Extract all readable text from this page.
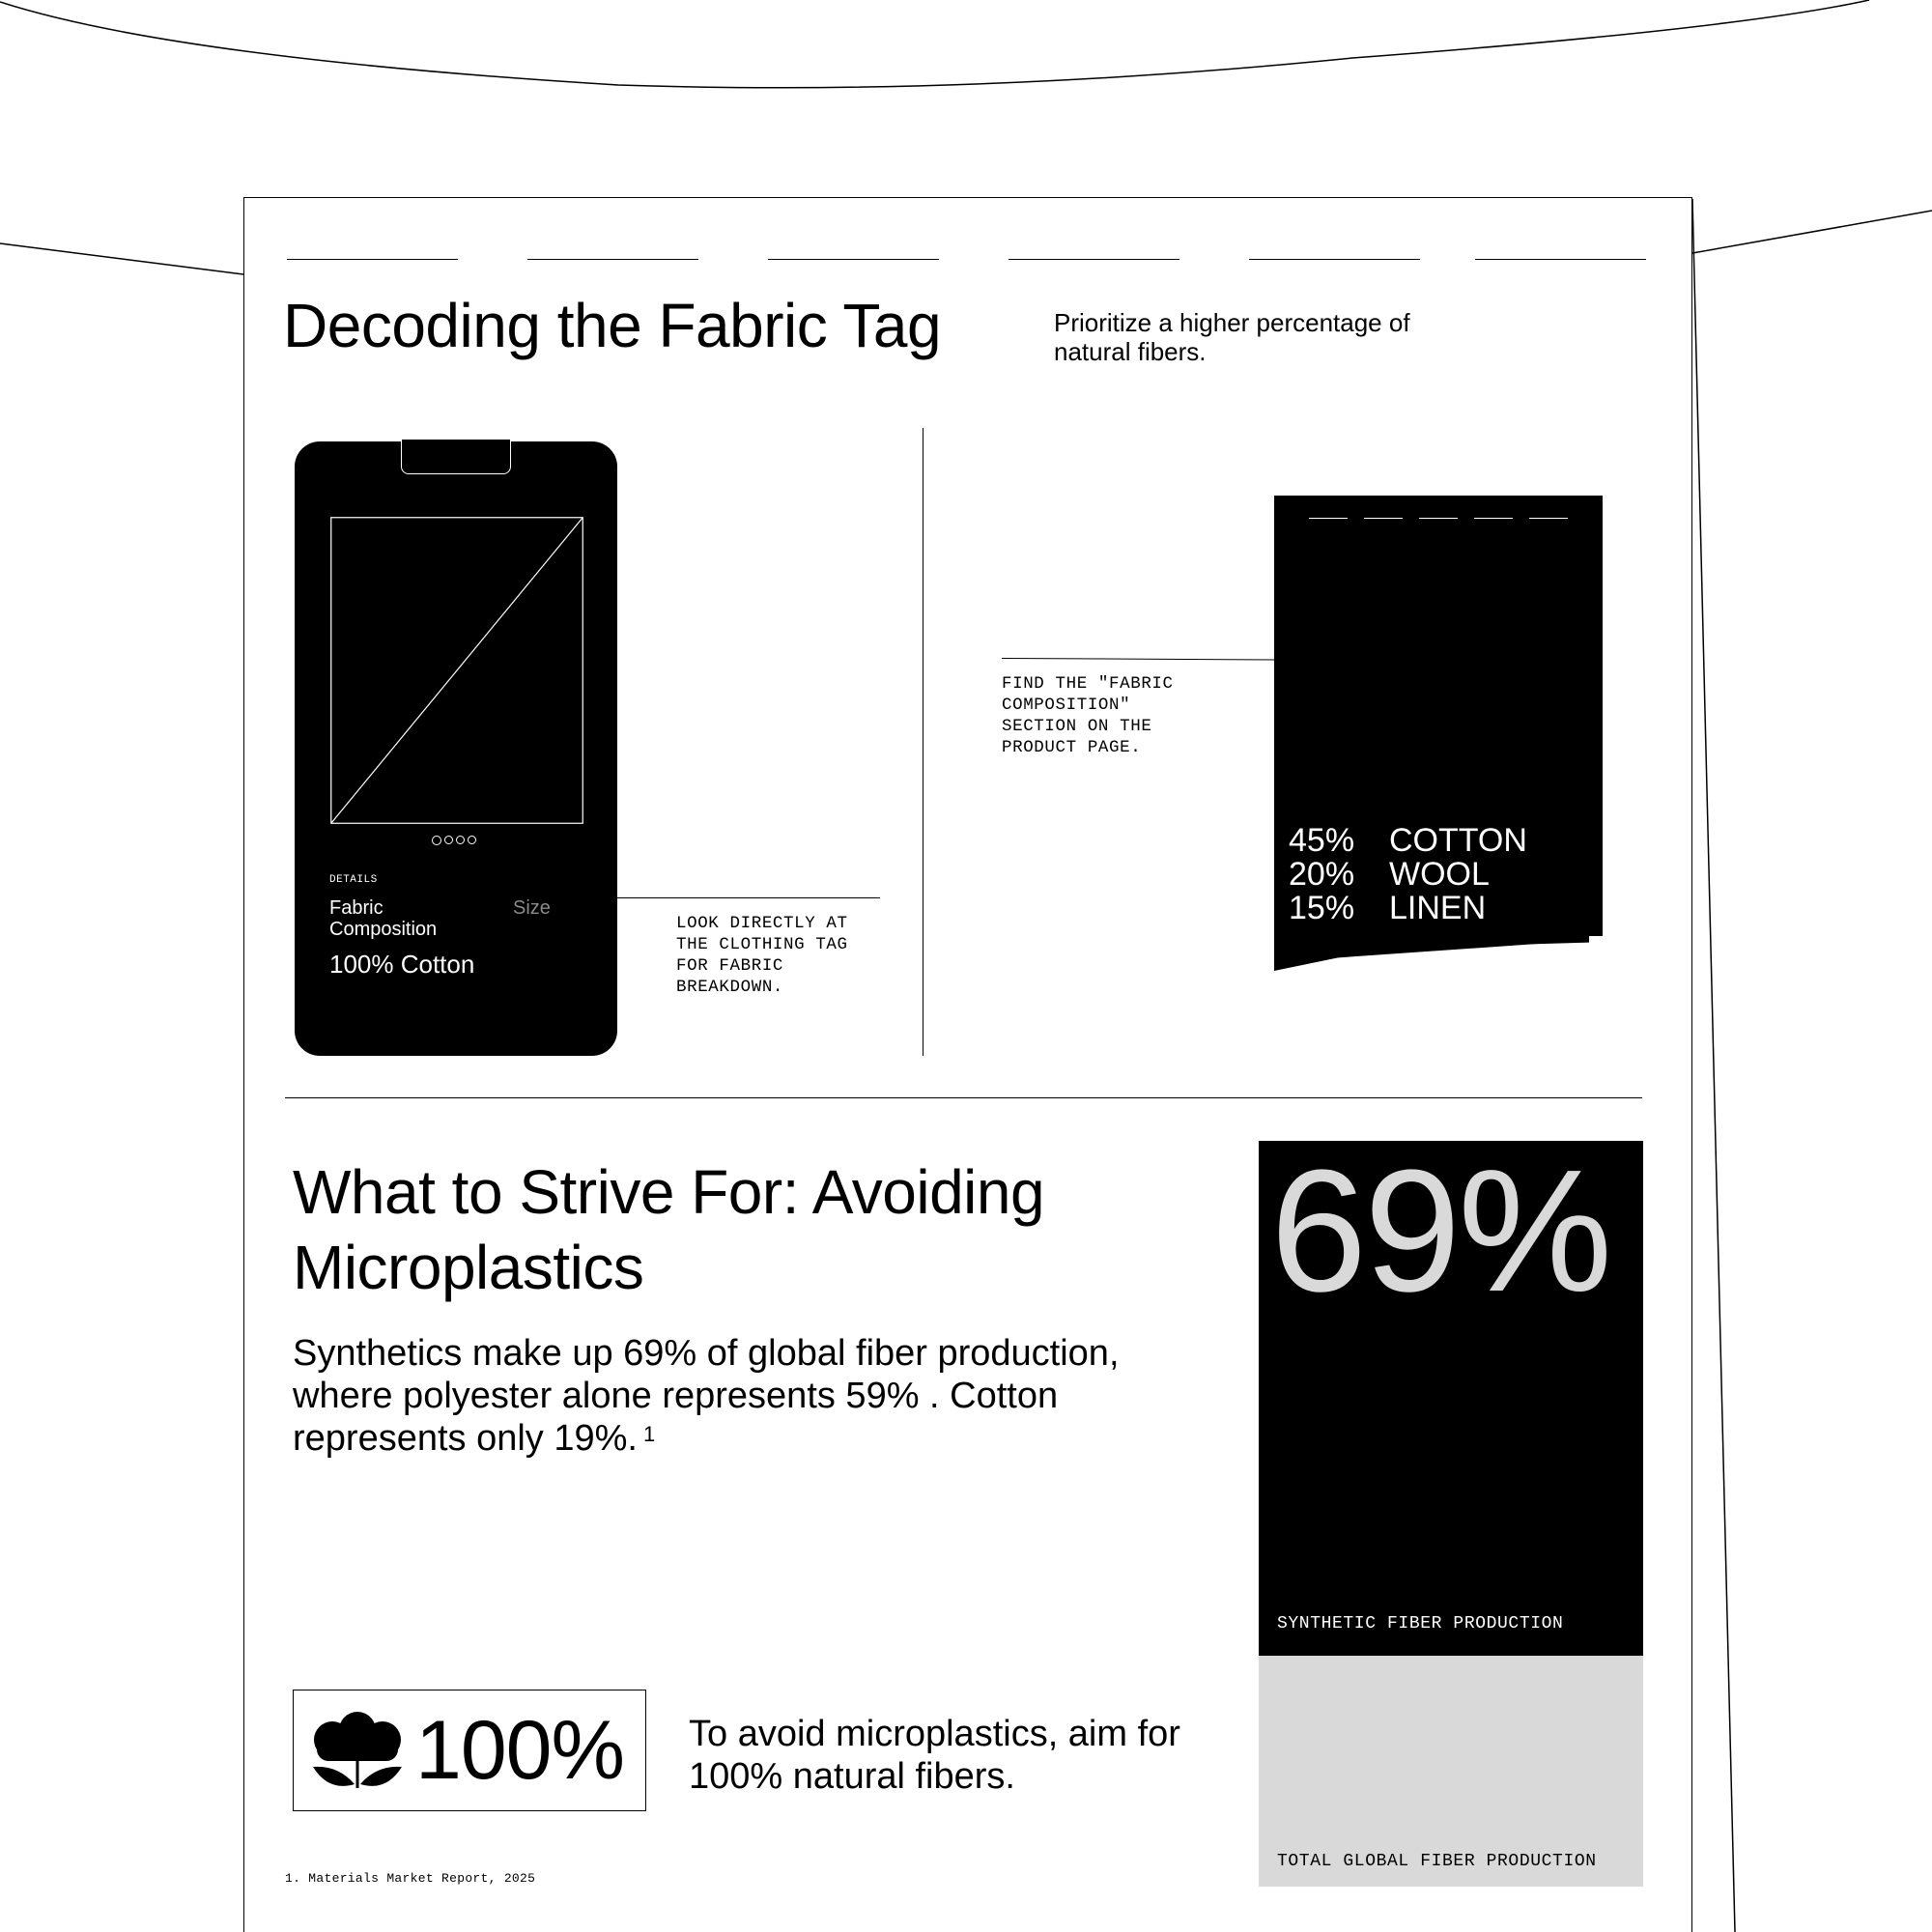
Decoding the Fabric Tag	Prioritize a higher percentage of natural fibers.
DETAILS
Fabric Composition
Size
100% Cotton
LOOK DIRECTLY AT
THE CLOTHING TAG
FOR FABRIC
BREAKDOWN.
FIND THE "FABRIC
COMPOSITION"
SECTION ON THE
PRODUCT PAGE.
45%	COTTON
20%	WOOL
15%	LINEN
What to Strive For: Avoiding Microplastics
Synthetics make up 69% of global fiber production, where polyester alone represents 59% . Cotton represents only 19%. $^1$
100% To avoid microplastics, aim for 100% natural fibers.
69%
SYNTHETIC FIBER PRODUCTION
TOTAL GLOBAL FIBER PRODUCTION
1. Materials Market Report, 2025
